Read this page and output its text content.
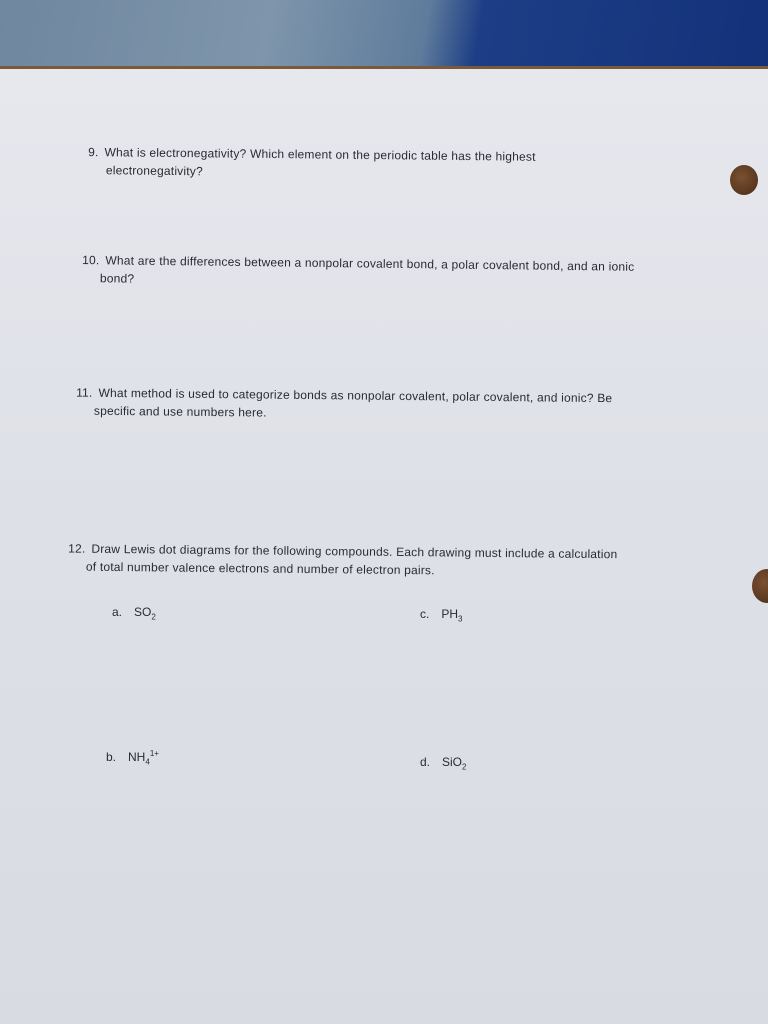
9. What is electronegativity? Which element on the periodic table has the highest
electronegativity?
10. What are the differences between a nonpolar covalent bond, a polar covalent bond, and an ionic
bond?
11. What method is used to categorize bonds as nonpolar covalent, polar covalent, and ionic? Be
specific and use numbers here.
12. Draw Lewis dot diagrams for the following compounds. Each drawing must include a calculation
of total number valence electrons and number of electron pairs.
a. $SO_2$	c. $PH_3$
b. $NH_4^{1+}$
d. SiO$_2$
